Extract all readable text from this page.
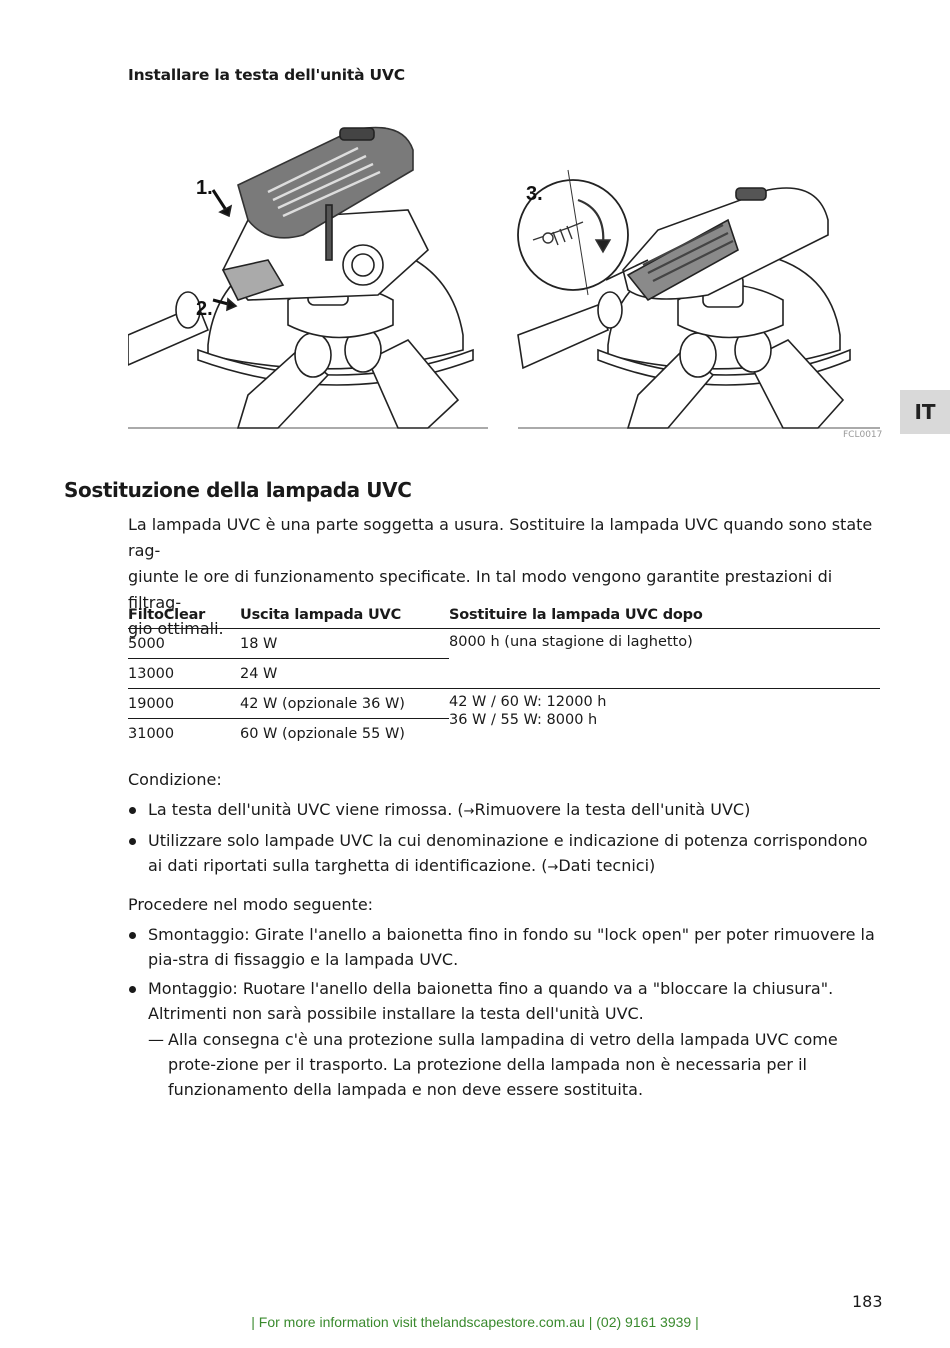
Installare la testa dell'unità UVC
1.
2.
3.
FCL0017
IT
Sostituzione della lampada UVC
La lampada UVC è una parte soggetta a usura. Sostituire la lampada UVC quando sono state rag-
giunte le ore di funzionamento specificate. In tal modo vengono garantite prestazioni di filtrag-
gio ottimali.
FiltoClear	Uscita lampada UVC	Sostituire la lampada UVC dopo
5000	18 W	8000 h (una stagione di laghetto)
13000	24 W	
19000	42 W (opzionale 36 W)	42 W / 60 W: 12000 h
36 W / 55 W: 8000 h

31000	60 W (opzionale 55 W)	
Condizione:
La testa dell'unità UVC viene rimossa. (→Rimuovere la testa dell'unità UVC)
Utilizzare solo lampade UVC la cui denominazione e indicazione di potenza corrispondono ai dati riportati sulla targhetta di identificazione. (→Dati tecnici)
Procedere nel modo seguente:
Smontaggio: Girate l'anello a baionetta fino in fondo su "lock open" per poter rimuovere la pia-stra di fissaggio e la lampada UVC.
Montaggio: Ruotare l'anello della baionetta fino a quando va a "bloccare la chiusura". Altrimenti non sarà possibile installare la testa dell'unità UVC.
— Alla consegna c'è una protezione sulla lampadina di vetro della lampada UVC come prote-zione per il trasporto. La protezione della lampada non è necessaria per il funzionamento della lampada e non deve essere sostituita.
183
| For more information visit thelandscapestore.com.au | (02) 9161 3939 |
